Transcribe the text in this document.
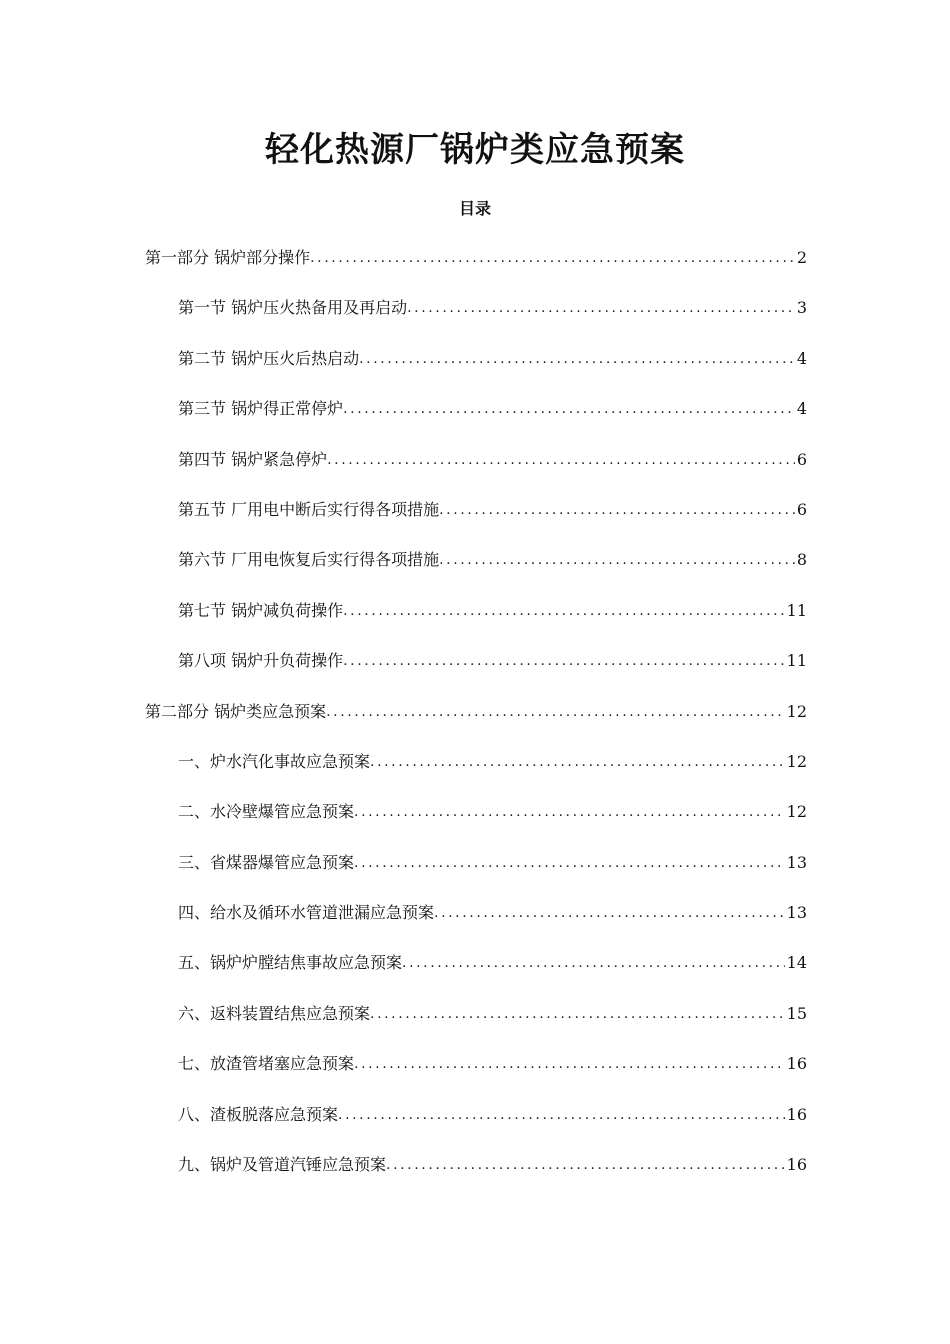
轻化热源厂锅炉类应急预案
目录
第一部分 锅炉部分操作 .....	2
第一节 锅炉压火热备用及再启动 .....	3
第二节 锅炉压火后热启动 .....	4
第三节 锅炉得正常停炉 .....	4
第四节 锅炉紧急停炉 .....	6
第五节 厂用电中断后实行得各项措施 .....	6
第六节 厂用电恢复后实行得各项措施 .....	8
第七节 锅炉减负荷操作 .....	11
第八项 锅炉升负荷操作 .....	11
第二部分 锅炉类应急预案 .....	12
一、炉水汽化事故应急预案 .....	12
二、水冷壁爆管应急预案 .....	12
三、省煤器爆管应急预案 .....	13
四、给水及循环水管道泄漏应急预案 .....	13
五、锅炉炉膛结焦事故应急预案 .....	14
六、返料装置结焦应急预案 .....	15
七、放渣管堵塞应急预案 .....	16
八、渣板脱落应急预案 .....	16
九、锅炉及管道汽锤应急预案 .....	16
